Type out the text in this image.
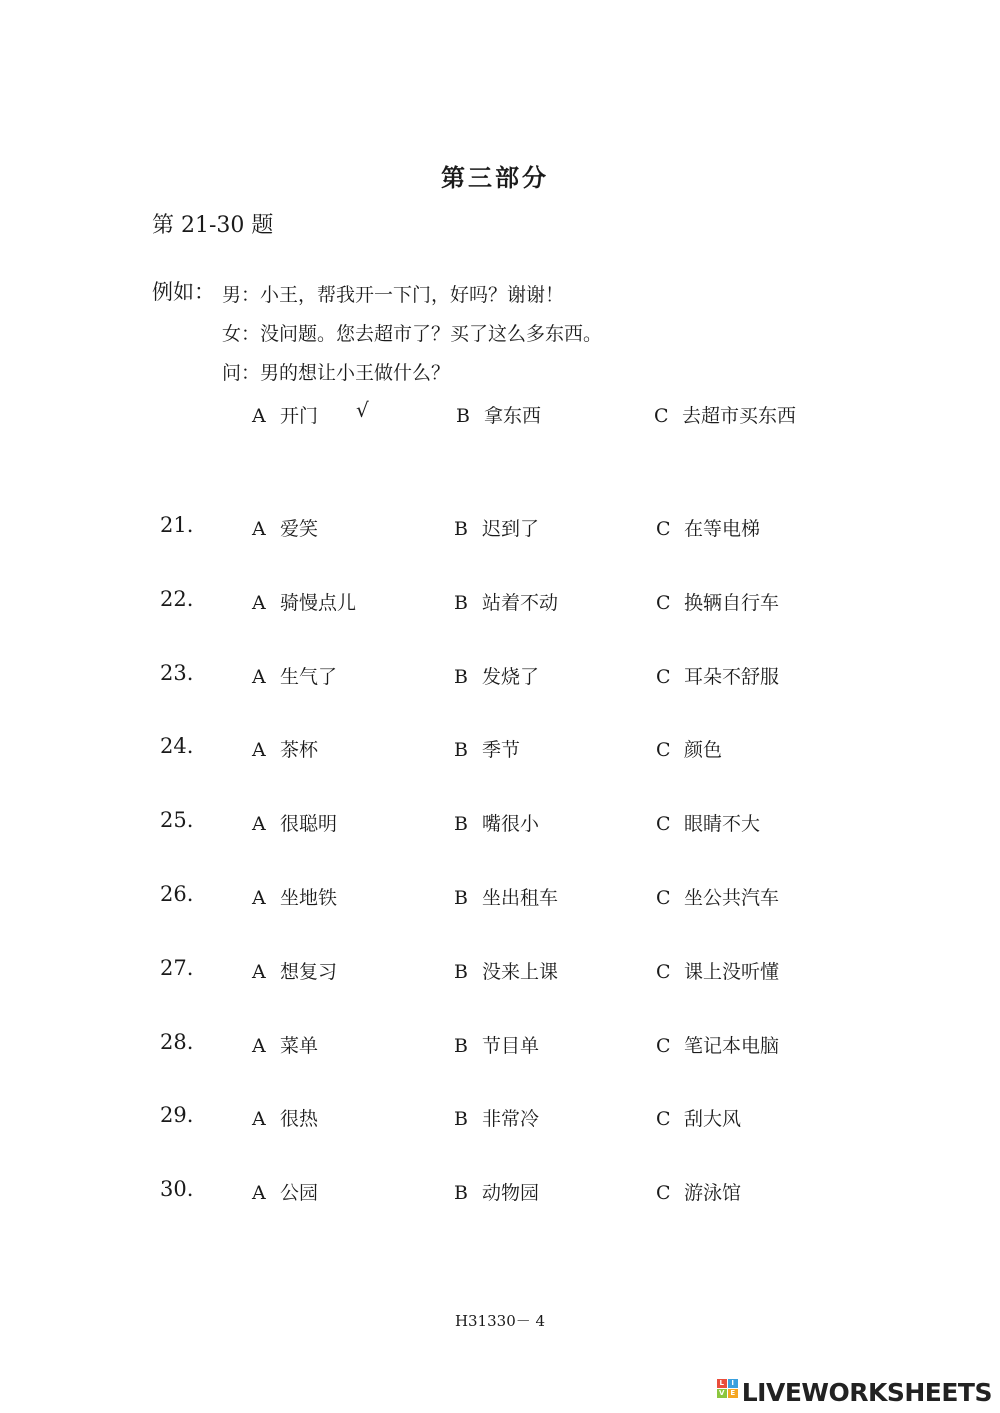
第三部分
第 21-30 题
例如： 男：小王，帮我开一下门，好吗？谢谢！
女：没问题。您去超市了？买了这么多东西。
问：男的想让小王做什么？
A 开门 √	B 拿东西	C 去超市买东西
21.	A 爱笑	B 迟到了	C 在等电梯
22.	A 骑慢点儿	B 站着不动	C 换辆自行车
23.	A 生气了	B 发烧了	C 耳朵不舒服
24.	A 茶杯	B 季节	C 颜色
25.	A 很聪明	B 嘴很小	C 眼睛不大
26.	A 坐地铁	B 坐出租车	C 坐公共汽车
27.	A 想复习	B 没来上课	C 课上没听懂
28.	A 菜单	B 节目单	C 笔记本电脑
29.	A 很热	B 非常冷	C 刮大风
30.	A 公园	B 动物园	C 游泳馆
H31330－ 4
L	I
V E LIVEWORKSHEETS
